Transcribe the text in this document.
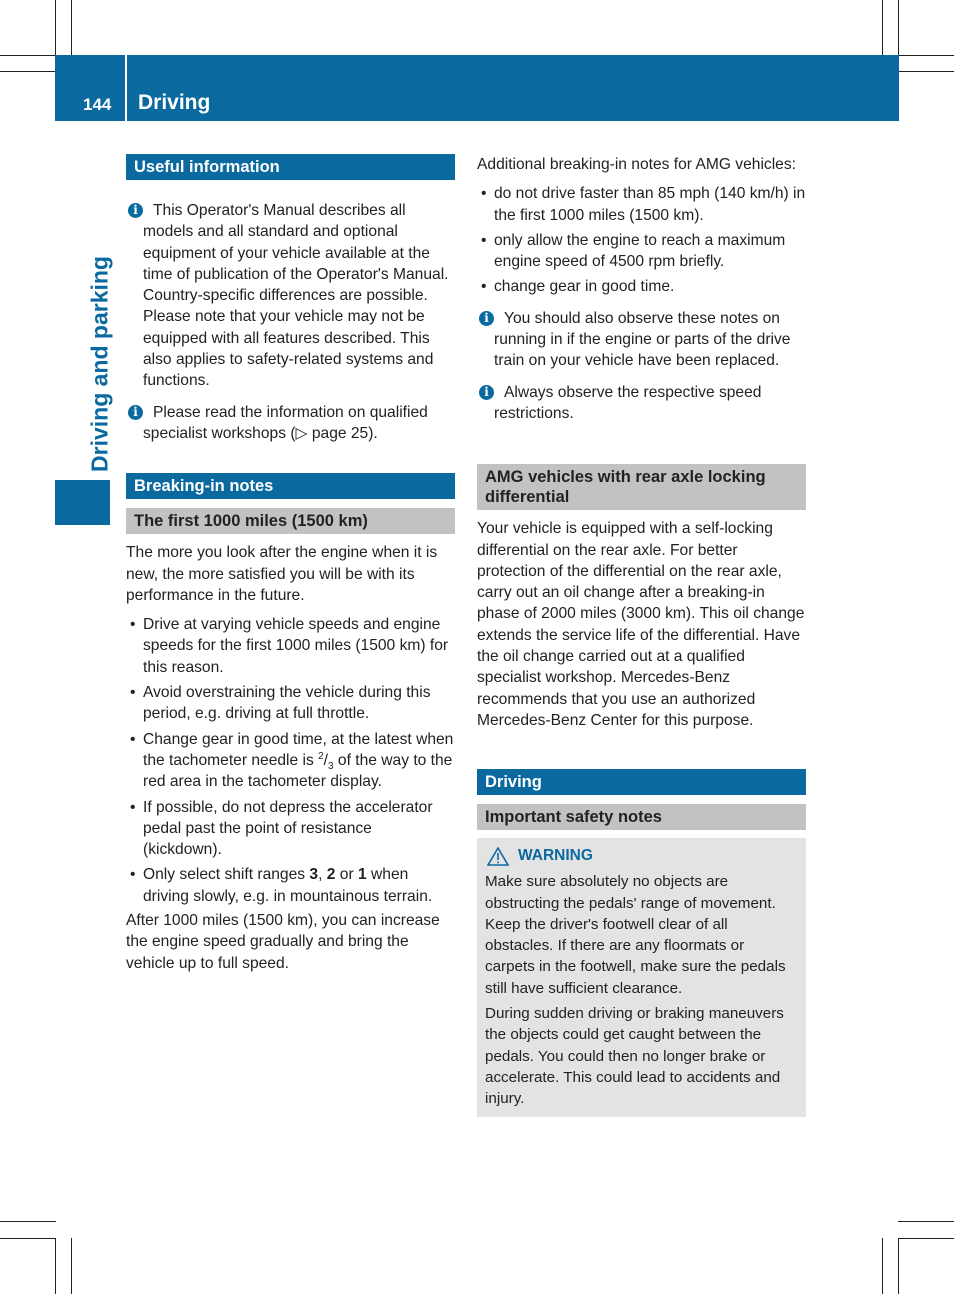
144 Driving
Driving and parking
Useful information
i This Operator's Manual describes all models and all standard and optional equipment of your vehicle available at the time of publication of the Operator's Manual. Country-specific differences are possible. Please note that your vehicle may not be equipped with all features described. This also applies to safety-related systems and functions.

i Please read the information on qualified specialist workshops (▷ page 25).

Breaking-in notes
The first 1000 miles (1500 km)

The more you look after the engine when it is new, the more satisfied you will be with its performance in the future.

• Drive at varying vehicle speeds and engine speeds for the first 1000 miles (1500 km) for this reason.
• Avoid overstraining the vehicle during this period, e.g. driving at full throttle.
• Change gear in good time, at the latest when the tachometer needle is $^2/_3$ of the way to the red area in the tachometer display.
• If possible, do not depress the accelerator pedal past the point of resistance (kickdown).
• Only select shift ranges 3, 2 or 1 when driving slowly, e.g. in mountainous terrain.

After 1000 miles (1500 km), you can increase the engine speed gradually and bring the vehicle up to full speed.

Additional breaking-in notes for AMG vehicles:

• do not drive faster than 85 mph (140 km/h) in the first 1000 miles (1500 km).
• only allow the engine to reach a maximum engine speed of 4500 rpm briefly.
• change gear in good time.
i You should also observe these notes on running in if the engine or parts of the drive train on your vehicle have been replaced.

i Always observe the respective speed restrictions.

AMG vehicles with rear axle locking differential

Your vehicle is equipped with a self-locking differential on the rear axle. For better protection of the differential on the rear axle, carry out an oil change after a breaking-in phase of 2000 miles (3000 km). This oil change extends the service life of the differential. Have the oil change carried out at a qualified specialist workshop. Mercedes-Benz recommends that you use an authorized Mercedes-Benz Center for this purpose.

Driving
Important safety notes
WARNING

Make sure absolutely no objects are obstructing the pedals' range of movement. Keep the driver's footwell clear of all obstacles. If there are any floormats or carpets in the footwell, make sure the pedals still have sufficient clearance.

During sudden driving or braking maneuvers the objects could get caught between the pedals. You could then no longer brake or accelerate. This could lead to accidents and injury.
